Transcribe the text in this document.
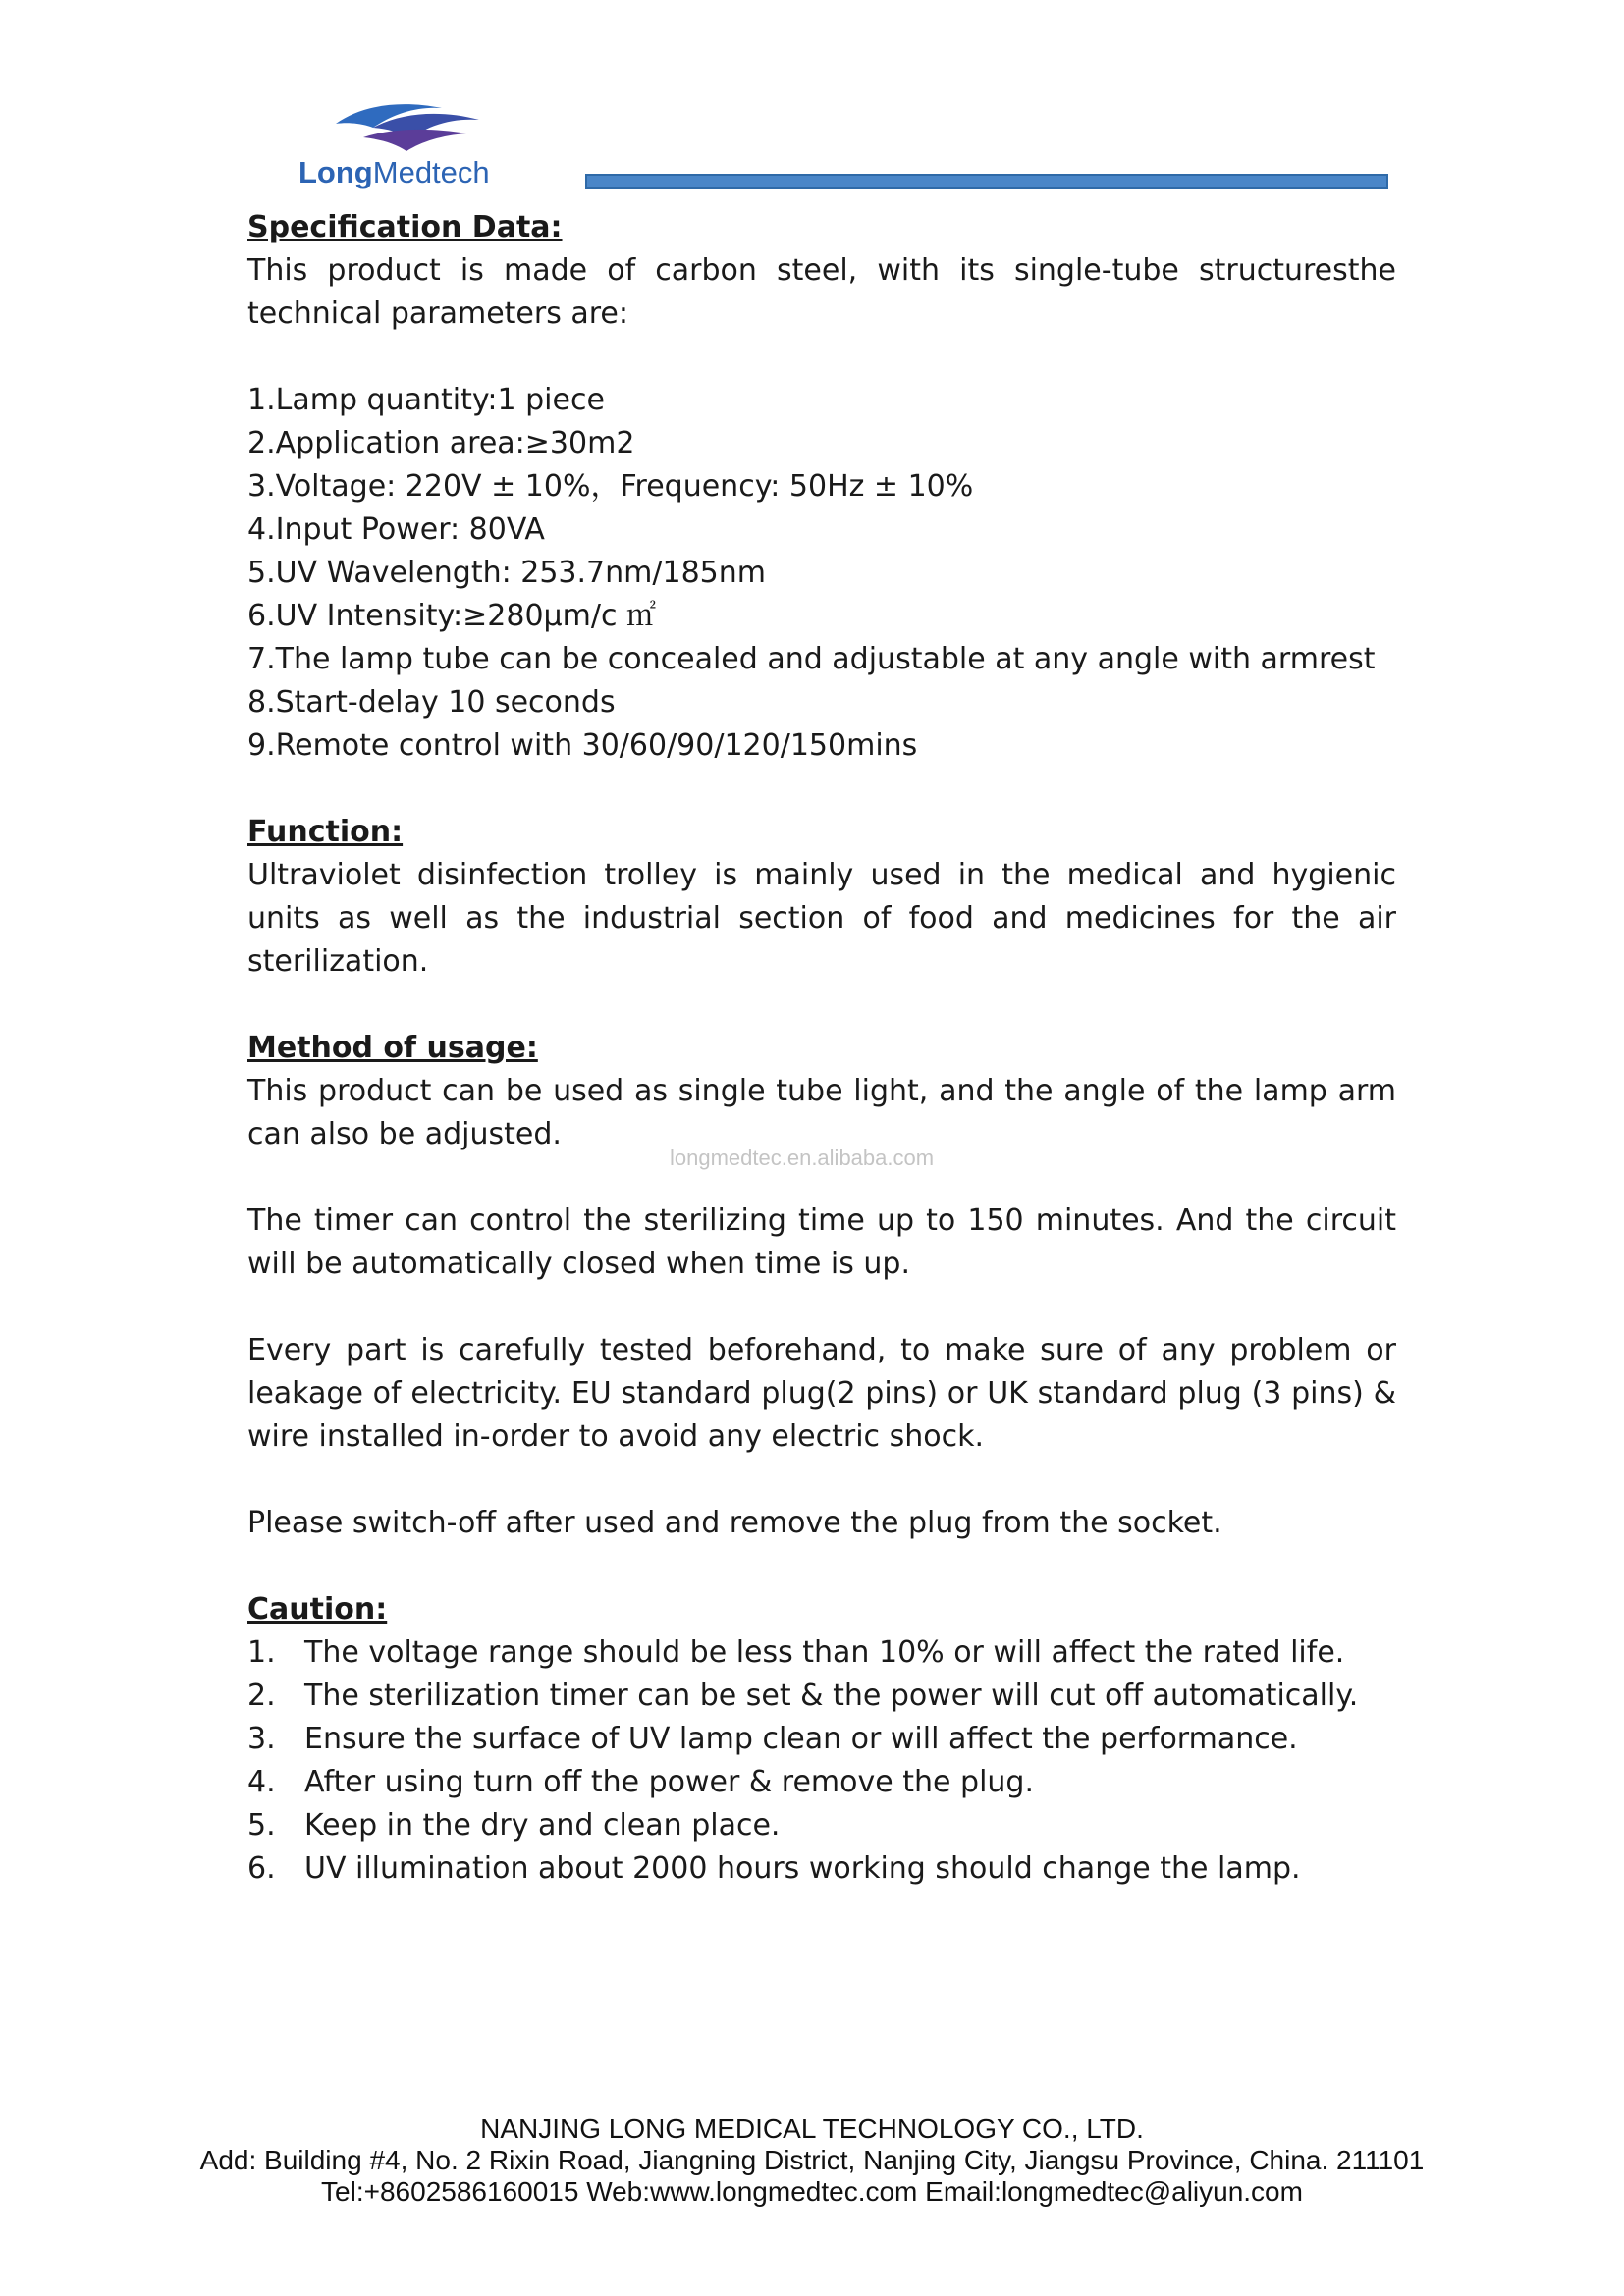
LongMedtech
Specification Data:

This product is made of carbon steel, with its single-tube structuresthe technical parameters are:

1.Lamp quantity:1 piece
2.Application area:≥30m2
3.Voltage: 220V ± 10%，Frequency: 50Hz ± 10%
4.Input Power: 80VA
5.UV Wavelength: 253.7nm/185nm
6.UV Intensity:≥280μm/c ㎡
7.The lamp tube can be concealed and adjustable at any angle with armrest
8.Start-delay 10 seconds
9.Remote control with 30/60/90/120/150mins
Function:

Ultraviolet disinfection trolley is mainly used in the medical and hygienic units as well as the industrial section of food and medicines for the air sterilization.

Method of usage:

This product can be used as single tube light, and the angle of the lamp arm can also be adjusted.

The timer can control the sterilizing time up to 150 minutes. And the circuit will be automatically closed when time is up.

Every part is carefully tested beforehand, to make sure of any problem or leakage of electricity. EU standard plug(2 pins) or UK standard plug (3 pins) & wire installed in-order to avoid any electric shock.

Please switch-off after used and remove the plug from the socket.

Caution:
1. The voltage range should be less than 10% or will affect the rated life.
2. The sterilization timer can be set & the power will cut off automatically.
3. Ensure the surface of UV lamp clean or will affect the performance.
4. After using turn off the power & remove the plug.
5. Keep in the dry and clean place.
6. UV illumination about 2000 hours working should change the lamp.
longmedtec.en.alibaba.com
NANJING LONG MEDICAL TECHNOLOGY CO., LTD.
Add: Building #4, No. 2 Rixin Road, Jiangning District, Nanjing City, Jiangsu Province, China. 211101
Tel:+8602586160015 Web:www.longmedtec.com Email:longmedtec@aliyun.com
